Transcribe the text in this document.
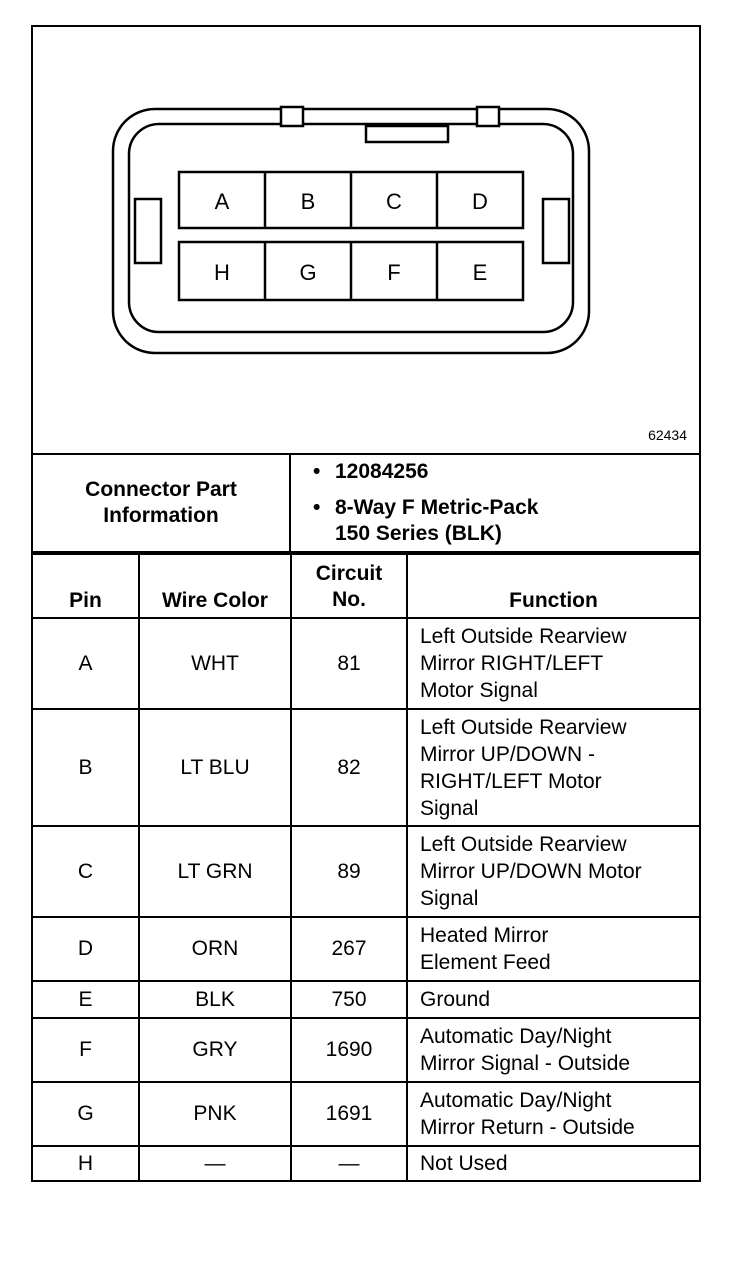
A	B	C	D
H	G	F	E
62434
Connector Part
Information
• 12084256
• 8-Way F Metric-Pack
150 Series (BLK)
Pin	Wire Color	Circuit
No.	Function
A	WHT	81	Left Outside Rearview
Mirror RIGHT/LEFT
Motor Signal

B	LT BLU	82	Left Outside Rearview
Mirror UP/DOWN -
RIGHT/LEFT Motor
Signal

C	LT GRN	89	Left Outside Rearview
Mirror UP/DOWN Motor
Signal

D	ORN	267	Heated Mirror
Element Feed

E	BLK	750	Ground

F	GRY	1690	Automatic Day/Night
Mirror Signal - Outside

G	PNK	1691	Automatic Day/Night
Mirror Return - Outside

H	—	—	Not Used
